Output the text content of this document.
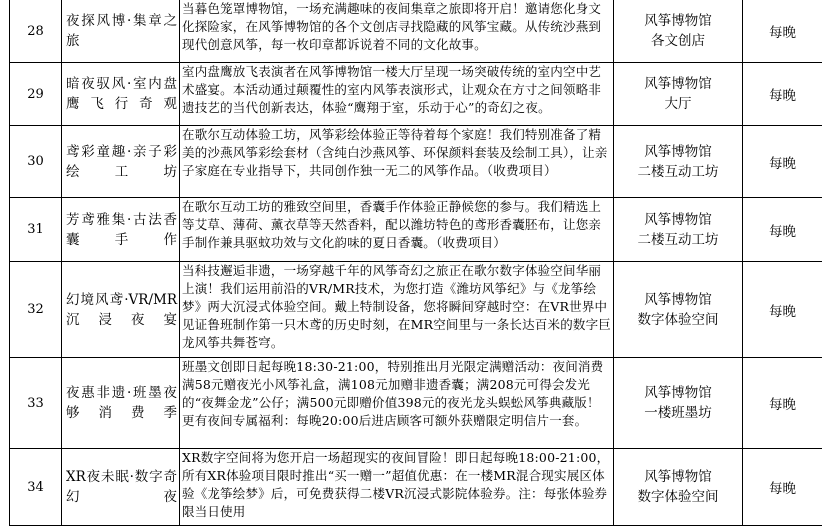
28	夜探风博·集章之旅	当暮色笼罩博物馆，一场充满趣味的夜间集章之旅即将开启！邀请您化身文化探险家，在风筝博物馆的各个文创店寻找隐藏的风筝宝藏。从传统沙燕到现代创意风筝，每一枚印章都诉说着不同的文化故事。	风筝博物馆
各文创店	每晚
29	暗夜驭风·室内盘鹰飞行奇观	室内盘鹰放飞表演者在风筝博物馆一楼大厅呈现一场突破传统的室内空中艺术盛宴。本活动通过颠覆性的室内风筝表演形式，让观众在方寸之间领略非遗技艺的当代创新表达，体验“鹰翔于室，乐动于心”的奇幻之夜。	风筝博物馆
大厅	每晚
30	鸢彩童趣·亲子彩绘工坊	在歌尔互动体验工坊，风筝彩绘体验正等待着每个家庭！我们特别准备了精美的沙燕风筝彩绘套材（含纯白沙燕风筝、环保颜料套装及绘制工具），让亲子家庭在专业指导下，共同创作独一无二的风筝作品。（收费项目）	风筝博物馆
二楼互动工坊	每晚
31	芳鸢雅集·古法香囊手作	在歌尔互动工坊的雅致空间里，香囊手作体验正静候您的参与。我们精选上等艾草、薄荷、薰衣草等天然香料，配以潍坊特色的鸢形香囊胚布，让您亲手制作兼具驱蚊功效与文化韵味的夏日香囊。（收费项目）	风筝博物馆
二楼互动工坊	每晚
32	幻境风鸢·VR/MR沉浸夜宴	当科技邂逅非遗，一场穿越千年的风筝奇幻之旅正在歌尔数字体验空间华丽上演！我们运用前沿的VR/MR技术，为您打造《潍坊风筝纪》与《龙筝绘梦》两大沉浸式体验空间。戴上特制设备，您将瞬间穿越时空：在VR世界中见证鲁班制作第一只木鸢的历史时刻，在MR空间里与一条长达百米的数字巨龙风筝共舞苍穹。	风筝博物馆
数字体验空间	每晚
33	夜惠非遗·班墨夜够消费季	班墨文创即日起每晚18:30-21:00，特别推出月光限定满赠活动：夜间消费满58元赠夜光小风筝礼盒，满108元加赠非遗香囊；满208元可得会发光的“夜舞金龙”公仔；满500元即赠价值398元的夜光龙头蜈蚣风筝典藏版！更有夜间专属福利：每晚20:00后进店顾客可额外获赠限定明信片一套。	风筝博物馆
一楼班墨坊	每晚
34	XR夜未眠·数字奇幻夜	XR数字空间将为您开启一场超现实的夜间冒险！即日起每晚18:00-21:00，所有XR体验项目限时推出“买一赠一”超值优惠：在一楼MR混合现实展区体验《龙筝绘梦》后，可免费获得二楼VR沉浸式影院体验券。注：每张体验券限当日使用	风筝博物馆
数字体验空间	每晚
